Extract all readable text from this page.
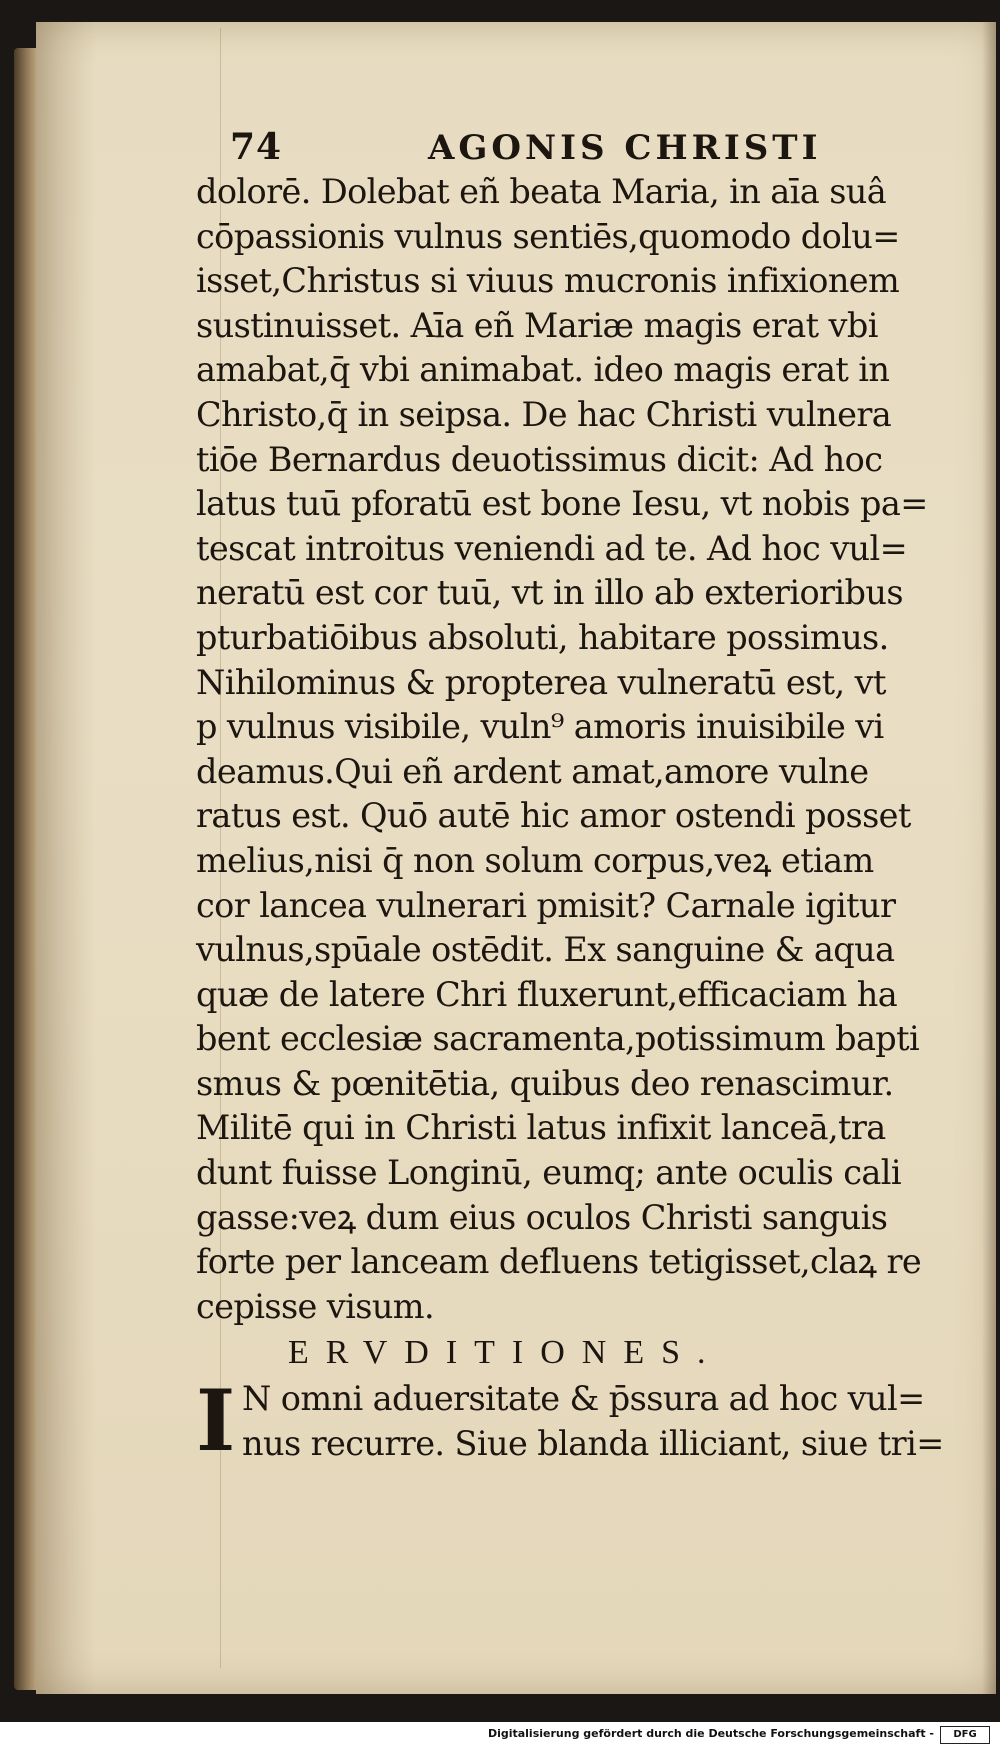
74	AGONIS CHRISTI
dolorē. Dolebat eñ beata Maria, in aīa suâ
cōpassionis vulnus sentiēs,quomodo dolu=
isset,Christus si viuus mucronis infixionem
sustinuisset. Aīa eñ Mariæ magis erat vbi
amabat,q̄ vbi animabat. ideo magis erat in
Christo,q̄ in seipsa. De hac Christi vulnera
tiōe Bernardus deuotissimus dicit: Ad hoc
latus tuū pforatū est bone Iesu, vt nobis pa=
tescat introitus veniendi ad te. Ad hoc vul=
neratū est cor tuū, vt in illo ab exterioribus
pturbatiōibus absoluti, habitare possimus.
Nihilominus & propterea vulneratū est, vt
p vulnus visibile, vuln⁹ amoris inuisibile vi
deamus.Qui eñ ardent amat,amore vulne
ratus est. Quō autē hic amor ostendi posset
melius,nisi q̄ non solum corpus,veꝝ etiam
cor lancea vulnerari pmisit? Carnale igitur
vulnus,spūale ostēdit. Ex sanguine & aqua
quæ de latere Chri fluxerunt,efficaciam ha
bent ecclesiæ sacramenta,potissimum bapti
smus & pœnitētia, quibus deo renascimur.
Militē qui in Christi latus infixit lanceā,tra
dunt fuisse Longinū, eumq; ante oculis cali
gasse:veꝝ dum eius oculos Christi sanguis
forte per lanceam defluens tetigisset,claꝝ re
cepisse visum.
ERVDITIONES.
I N omni aduersitate & p̄ssura ad hoc vul=
nus recurre. Siue blanda illiciant, siue tri=
Digitalisierung gefördert durch die Deutsche Forschungsgemeinschaft -	DFG
